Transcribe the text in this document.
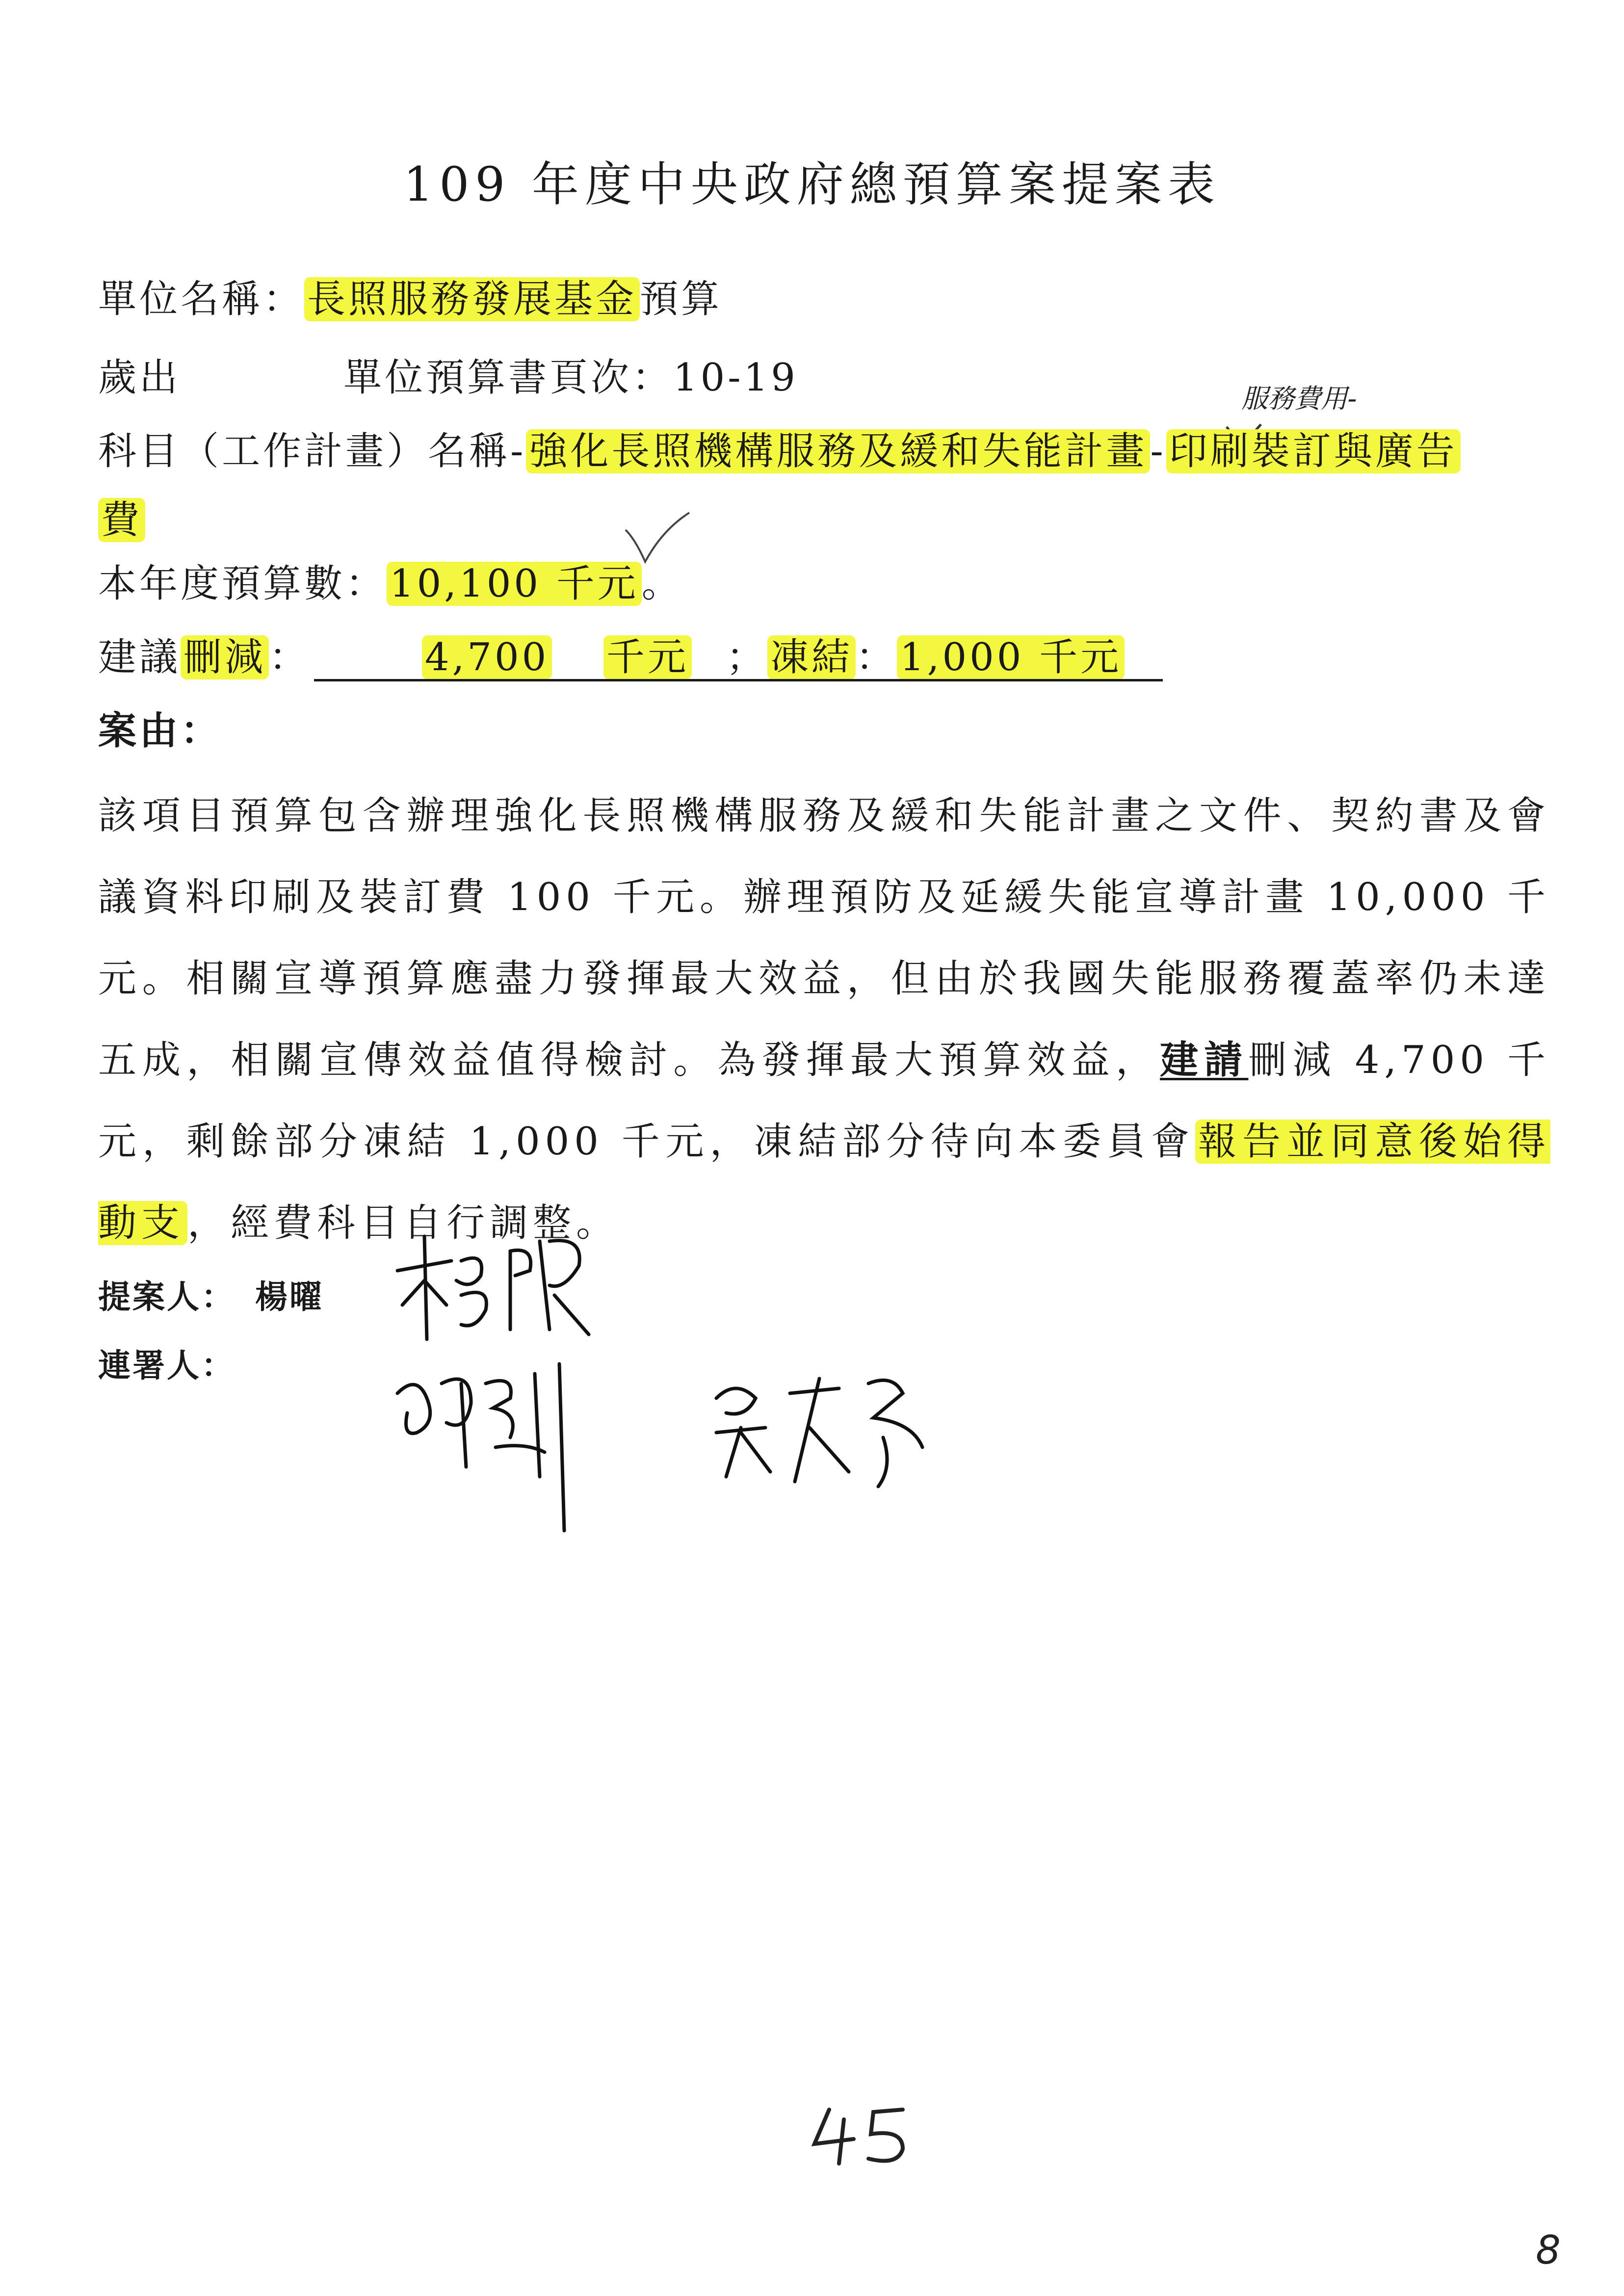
109 年度中央政府總預算案提案表
單位名稱：長照服務發展基金預算
歲出	單位預算書頁次：10-19	服務費用-
科目（工作計畫）名稱-強化長照機構服務及緩和失能計畫-印刷裝訂與廣告
費
本年度預算數：10,100 千元。
建議刪減：	4,700 千元 ；凍結：1,000 千元
案由：
該項目預算包含辦理強化長照機構服務及緩和失能計畫之文件、契約書及會議資料印刷及裝訂費 100 千元。辦理預防及延緩失能宣導計畫 10,000 千元。相關宣導預算應盡力發揮最大效益，但由於我國失能服務覆蓋率仍未達五成，相關宣傳效益值得檢討。為發揮最大預算效益，建請刪減 4,700 千元，剩餘部分凍結 1,000 千元，凍結部分待向本委員會報告並同意後始得動支，經費科目自行調整。
提案人： 楊曜
連署人：
8
